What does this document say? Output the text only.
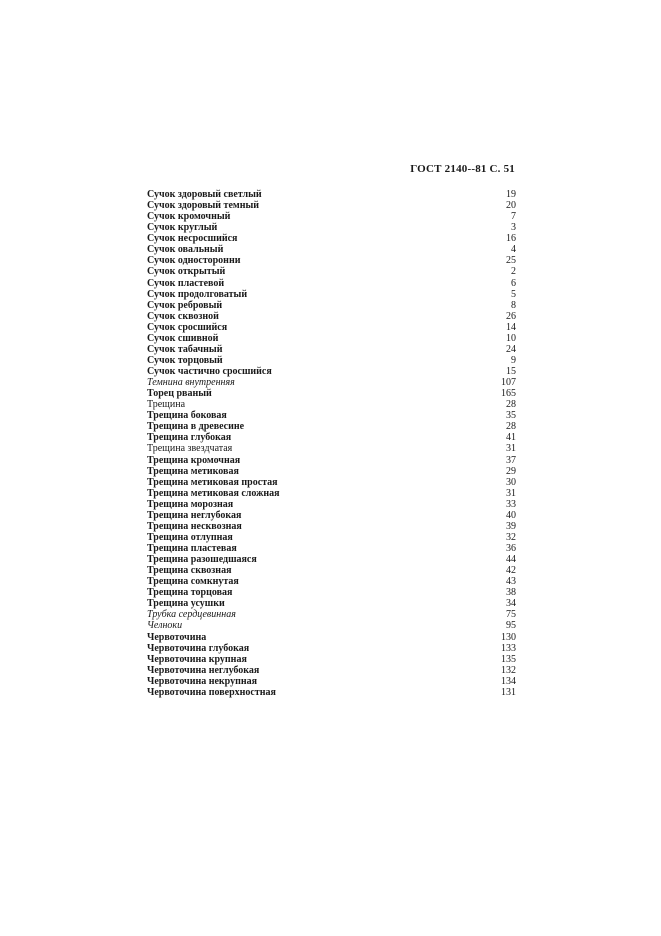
ГОСТ 2140--81 С. 51
Сучок здоровый светлый	19
Сучок здоровый темный	20
Сучок кромочный	7
Сучок круглый	3
Сучок несросшийся	16
Сучок овальный	4
Сучок односторонни	25
Сучок открытый	2
Сучок пластевой	6
Сучок продолговатый	5
Сучок ребровый	8
Сучок сквозной	26
Сучок сросшийся	14
Сучок сшивной	10
Сучок табачный	24
Сучок торцовый	9
Сучок частично сросшийся	15
Темнина внутренняя	107
Торец рваный	165
Трещина	28
Трещина боковая	35
Трещина в древесине	28
Трещина глубокая	41
Трещина звездчатая	31
Трещина кромочная	37
Трещина метиковая	29
Трещина метиковая простая	30
Трещина метиковая сложная	31
Трещина морозная	33
Трещина неглубокая	40
Трещина несквозная	39
Трещина отлупная	32
Трещина пластевая	36
Трещина разошедшаяся	44
Трещина сквозная	42
Трещина сомкнутая	43
Трещина торцовая	38
Трещина усушки	34
Трубка сердцевинная	75
Челноки	95
Червоточина	130
Червоточина глубокая	133
Червоточина крупная	135
Червоточина неглубокая	132
Червоточина некрупная	134
Червоточина поверхностная	131
